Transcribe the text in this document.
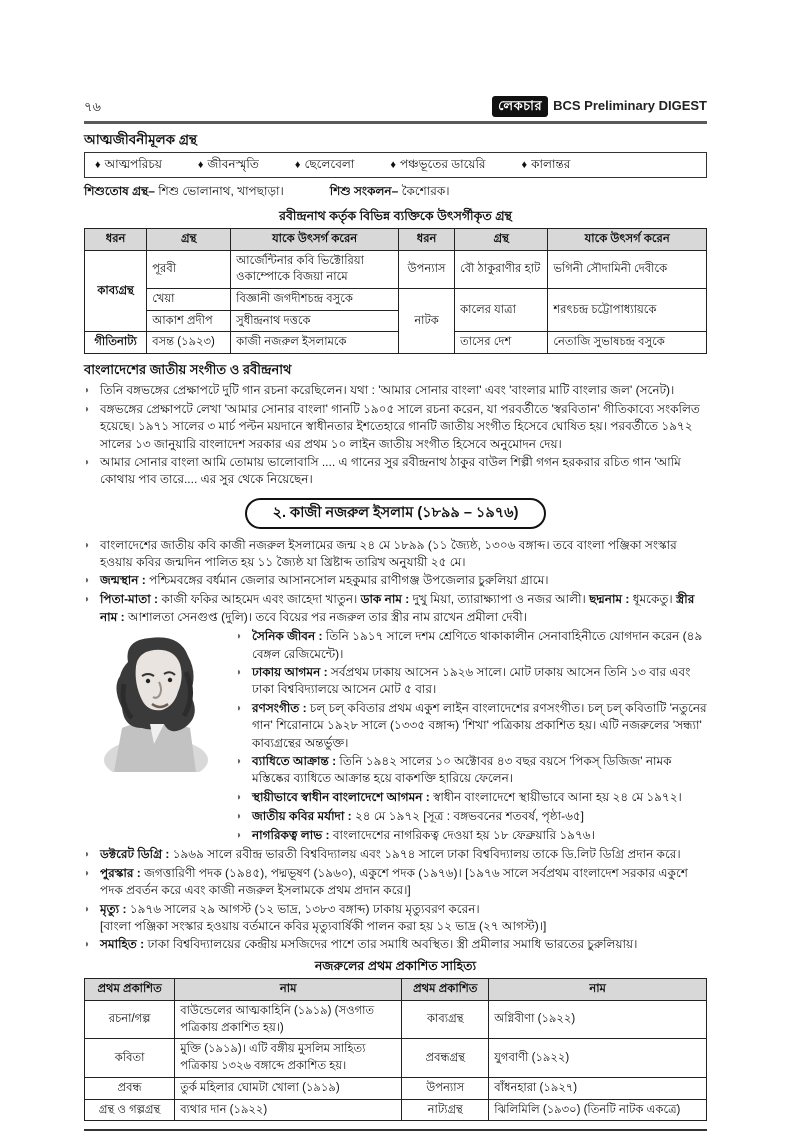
৭৬	লেকচার BCS Preliminary DIGEST
আত্মজীবনীমূলক গ্রন্থ
♦ আত্মপরিচয়	♦ জীবনস্মৃতি	♦ ছেলেবেলা	♦ পঞ্চভূতের ডায়েরি	♦ কালান্তর

শিশুতোষ গ্রন্থ– শিশু ভোলানাথ, খাপছাড়া।	শিশু সংকলন– কৈশোরক।

রবীন্দ্রনাথ কর্তৃক বিভিন্ন ব্যক্তিকে উৎসর্গীকৃত গ্রন্থ
ধরন	গ্রন্থ	যাকে উৎসর্গ করেন	ধরন	গ্রন্থ	যাকে উৎসর্গ করেন
কাব্যগ্রন্থ	পূরবী	আর্জেন্টিনার কবি ভিক্টোরিয়া ওকাম্পোকে বিজয়া নামে	উপন্যাস	বৌ ঠাকুরাণীর হাট	ভগিনী সৌদামিনী দেবীকে
	খেয়া	বিজ্ঞানী জগদীশচন্দ্র বসুকে	নাটক	কালের যাত্রা	শরৎচন্দ্র চট্টোপাধ্যায়কে
	আকাশ প্রদীপ	সুধীন্দ্রনাথ দত্তকে			
গীতিনাট্য	বসন্ত (১৯২৩)	কাজী নজরুল ইসলামকে		তাসের দেশ	নেতাজি সুভাষচন্দ্র বসুকে
বাংলাদেশের জাতীয় সংগীত ও রবীন্দ্রনাথ
◗ তিনি বঙ্গভঙ্গের প্রেক্ষাপটে দুটি গান রচনা করেছিলেন। যথা : 'আমার সোনার বাংলা' এবং 'বাংলার মাটি বাংলার জল' (সনেট)।
◗ বঙ্গভঙ্গের প্রেক্ষাপটে লেখা 'আমার সোনার বাংলা' গানটি ১৯০৫ সালে রচনা করেন, যা পরবর্তীতে 'স্বরবিতান' গীতিকাব্যে সংকলিত হয়েছে। ১৯৭১ সালের ৩ মার্চ পল্টন ময়দানে স্বাধীনতার ইশতেহারে গানটি জাতীয় সংগীত হিসেবে ঘোষিত হয়। পরবর্তীতে ১৯৭২ সালের ১৩ জানুয়ারি বাংলাদেশ সরকার এর প্রথম ১০ লাইন জাতীয় সংগীত হিসেবে অনুমোদন দেয়।
◗ আমার সোনার বাংলা আমি তোমায় ভালোবাসি .... এ গানের সুর রবীন্দ্রনাথ ঠাকুর বাউল শিল্পী গগন হরকরার রচিত গান 'আমি কোথায় পাব তারে.... এর সুর থেকে নিয়েছেন।
২. কাজী নজরুল ইসলাম (১৮৯৯ – ১৯৭৬)
◗ বাংলাদেশের জাতীয় কবি কাজী নজরুল ইসলামের জন্ম ২৪ মে ১৮৯৯ (১১ জ্যৈষ্ঠ, ১৩০৬ বঙ্গাব্দ। তবে বাংলা পঞ্জিকা সংস্কার হওয়ায় কবির জন্মদিন পালিত হয় ১১ জ্যৈষ্ঠ যা খ্রিষ্টাব্দ তারিখ অনুযায়ী ২৫ মে।
◗ জন্মস্থান : পশ্চিমবঙ্গের বর্ধমান জেলার আসানসোল মহকুমার রাণীগঞ্জ উপজেলার চুরুলিয়া গ্রামে।
◗ পিতা-মাতা : কাজী ফকির আহমেদ এবং জাহেদা খাতুন। ডাক নাম : দুখু মিয়া, ত্যারাক্ষ্যাপা ও নজর আলী। ছদ্মনাম : ধূমকেতু। স্ত্রীর নাম : আশালতা সেনগুপ্ত (দুলি)। তবে বিয়ের পর নজরুল তার স্ত্রীর নাম রাখেন প্রমীলা দেবী।
◗ সৈনিক জীবন : তিনি ১৯১৭ সালে দশম শ্রেণিতে থাকাকালীন সেনাবাহিনীতে যোগদান করেন (৪৯ বেঙ্গল রেজিমেন্টে)।
◗ ঢাকায় আগমন : সর্বপ্রথম ঢাকায় আসেন ১৯২৬ সালে। মোট ঢাকায় আসেন তিনি ১৩ বার এবং ঢাকা বিশ্ববিদ্যালয়ে আসেন মোট ৫ বার।
◗ রণসংগীত : চল্ চল্ কবিতার প্রথম একুশ লাইন বাংলাদেশের রণসংগীত। চল্ চল্ কবিতাটি 'নতুনের গান' শিরোনামে ১৯২৮ সালে (১৩৩৫ বঙ্গাব্দ) 'শিখা' পত্রিকায় প্রকাশিত হয়। এটি নজরুলের 'সন্ধ্যা' কাব্যগ্রন্থের অন্তর্ভুক্ত।
◗ ব্যাধিতে আক্রান্ত : তিনি ১৯৪২ সালের ১০ অক্টোবর ৪৩ বছর বয়সে 'পিকস্ ডিজিজ' নামক মস্তিষ্কের ব্যাধিতে আক্রান্ত হয়ে বাকশক্তি হারিয়ে ফেলেন।
◗ স্থায়ীভাবে স্বাধীন বাংলাদেশে আগমন : স্বাধীন বাংলাদেশে স্থায়ীভাবে আনা হয় ২৪ মে ১৯৭২।
◗ জাতীয় কবির মর্যাদা : ২৪ মে ১৯৭২ [সূত্র : বঙ্গভবনের শতবর্ষ, পৃষ্ঠা-৬৫]
◗ নাগরিকত্ব লাভ : বাংলাদেশের নাগরিকত্ব দেওয়া হয় ১৮ ফেব্রুয়ারি ১৯৭৬।
◗ ডক্টরেট ডিগ্রি : ১৯৬৯ সালে রবীন্দ্র ভারতী বিশ্ববিদ্যালয় এবং ১৯৭৪ সালে ঢাকা বিশ্ববিদ্যালয় তাকে ডি.লিট ডিগ্রি প্রদান করে।
◗ পুরস্কার : জগত্তারিণী পদক (১৯৪৫), পদ্মভূষণ (১৯৬০), একুশে পদক (১৯৭৬)। [১৯৭৬ সালে সর্বপ্রথম বাংলাদেশ সরকার একুশে পদক প্রবর্তন করে এবং কাজী নজরুল ইসলামকে প্রথম প্রদান করে।]
◗ মৃত্যু : ১৯৭৬ সালের ২৯ আগস্ট (১২ ভাদ্র, ১৩৮৩ বঙ্গাব্দ) ঢাকায় মৃত্যুবরণ করেন।
[বাংলা পঞ্জিকা সংস্কার হওয়ায় বর্তমানে কবির মৃত্যুবার্ষিকী পালন করা হয় ১২ ভাদ্র (২৭ আগস্ট)।]
◗ সমাহিত : ঢাকা বিশ্ববিদ্যালয়ের কেন্দ্রীয় মসজিদের পাশে তার সমাধি অবস্থিত। স্ত্রী প্রমীলার সমাধি ভারতের চুরুলিয়ায়।
নজরুলের প্রথম প্রকাশিত সাহিত্য
প্রথম প্রকাশিত	নাম	প্রথম প্রকাশিত	নাম
রচনা/গল্প	বাউন্ডেলের আত্মকাহিনি (১৯১৯) (সওগাত পত্রিকায় প্রকাশিত হয়।)	কাব্যগ্রন্থ	অগ্নিবীণা (১৯২২)
কবিতা	মুক্তি (১৯১৯)। এটি বঙ্গীয় মুসলিম সাহিত্য পত্রিকায় ১৩২৬ বঙ্গাব্দে প্রকাশিত হয়।	প্রবন্ধগ্রন্থ	যুগবাণী (১৯২২)
প্রবন্ধ	তুর্ক মহিলার ঘোমটা খোলা (১৯১৯)	উপন্যাস	বাঁধনহারা (১৯২৭)
গ্রন্থ ও গল্পগ্রন্থ	ব্যথার দান (১৯২২)	নাট্যগ্রন্থ	ঝিলিমিলি (১৯৩০) (তিনটি নাটক একত্রে)
